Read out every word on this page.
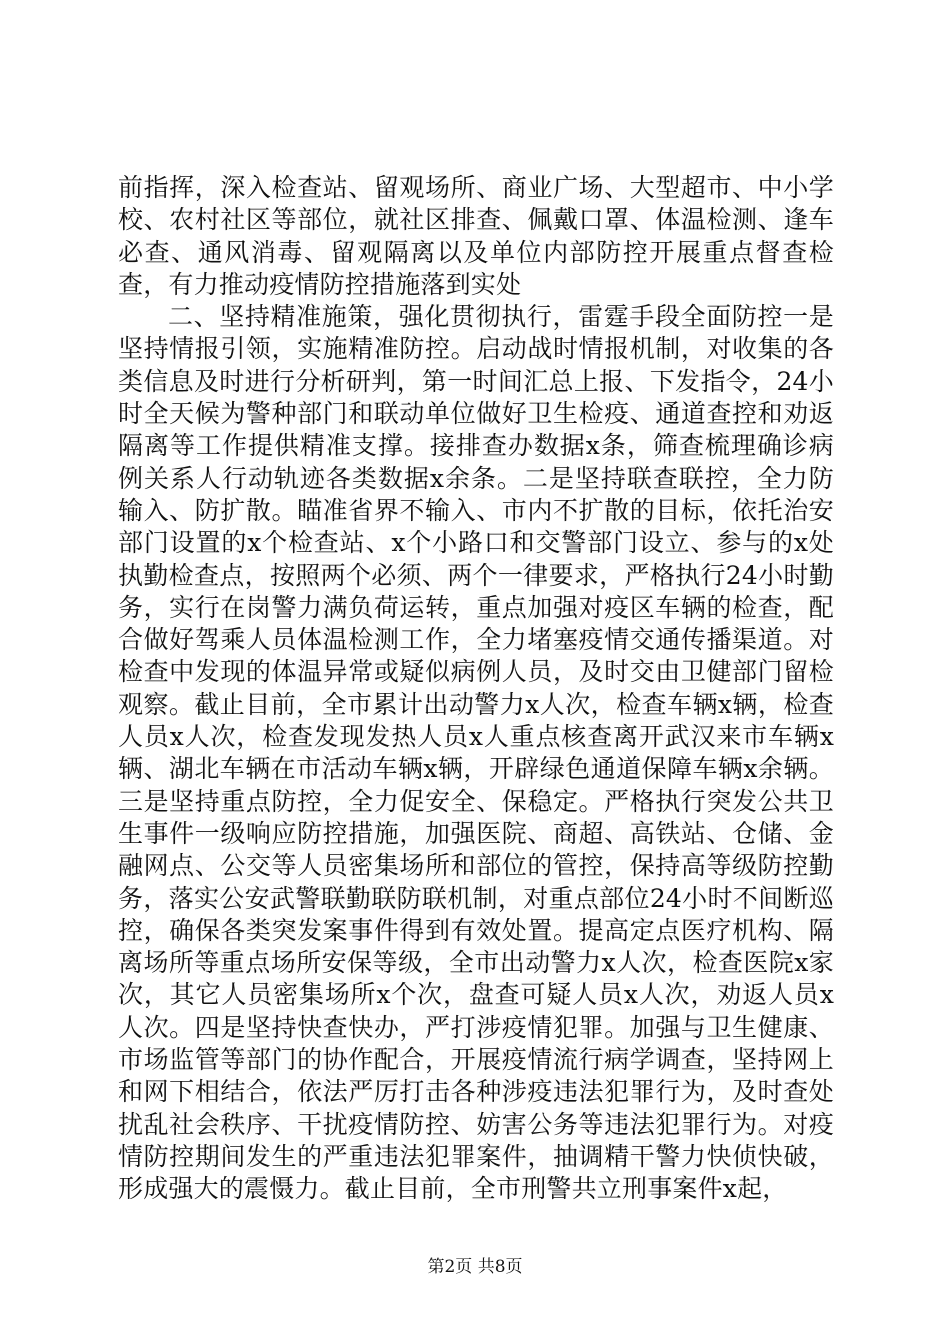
前指挥，深入检查站、留观场所、商业广场、大型超市、中小学校、农村社区等部位，就社区排查、佩戴口罩、体温检测、逢车必查、通风消毒、留观隔离以及单位内部防控开展重点督查检查，有力推动疫情防控措施落到实处

二、坚持精准施策，强化贯彻执行，雷霆手段全面防控一是坚持情报引领，实施精准防控。启动战时情报机制，对收集的各类信息及时进行分析研判，第一时间汇总上报、下发指令，24小时全天候为警种部门和联动单位做好卫生检疫、通道查控和劝返隔离等工作提供精准支撑。接排查办数据x条，筛查梳理确诊病例关系人行动轨迹各类数据x余条。二是坚持联查联控，全力防输入、防扩散。瞄准省界不输入、市内不扩散的目标，依托治安部门设置的x个检查站、x个小路口和交警部门设立、参与的x处执勤检查点，按照两个必须、两个一律要求，严格执行24小时勤务，实行在岗警力满负荷运转，重点加强对疫区车辆的检查，配合做好驾乘人员体温检测工作，全力堵塞疫情交通传播渠道。对检查中发现的体温异常或疑似病例人员，及时交由卫健部门留检观察。截止目前，全市累计出动警力x人次，检查车辆x辆，检查人员x人次，检查发现发热人员x人重点核查离开武汉来市车辆x辆、湖北车辆在市活动车辆x辆，开辟绿色通道保障车辆x余辆。三是坚持重点防控，全力促安全、保稳定。严格执行突发公共卫生事件一级响应防控措施，加强医院、商超、高铁站、仓储、金融网点、公交等人员密集场所和部位的管控，保持高等级防控勤务，落实公安武警联勤联防联机制，对重点部位24小时不间断巡控，确保各类突发案事件得到有效处置。提高定点医疗机构、隔离场所等重点场所安保等级，全市出动警力x人次，检查医院x家次，其它人员密集场所x个次，盘查可疑人员x人次，劝返人员x人次。四是坚持快查快办，严打涉疫情犯罪。加强与卫生健康、市场监管等部门的协作配合，开展疫情流行病学调查，坚持网上和网下相结合，依法严厉打击各种涉疫违法犯罪行为，及时查处扰乱社会秩序、干扰疫情防控、妨害公务等违法犯罪行为。对疫情防控期间发生的严重违法犯罪案件，抽调精干警力快侦快破，形成强大的震慑力。截止目前，全市刑警共立刑事案件x起，

第2页 共8页
